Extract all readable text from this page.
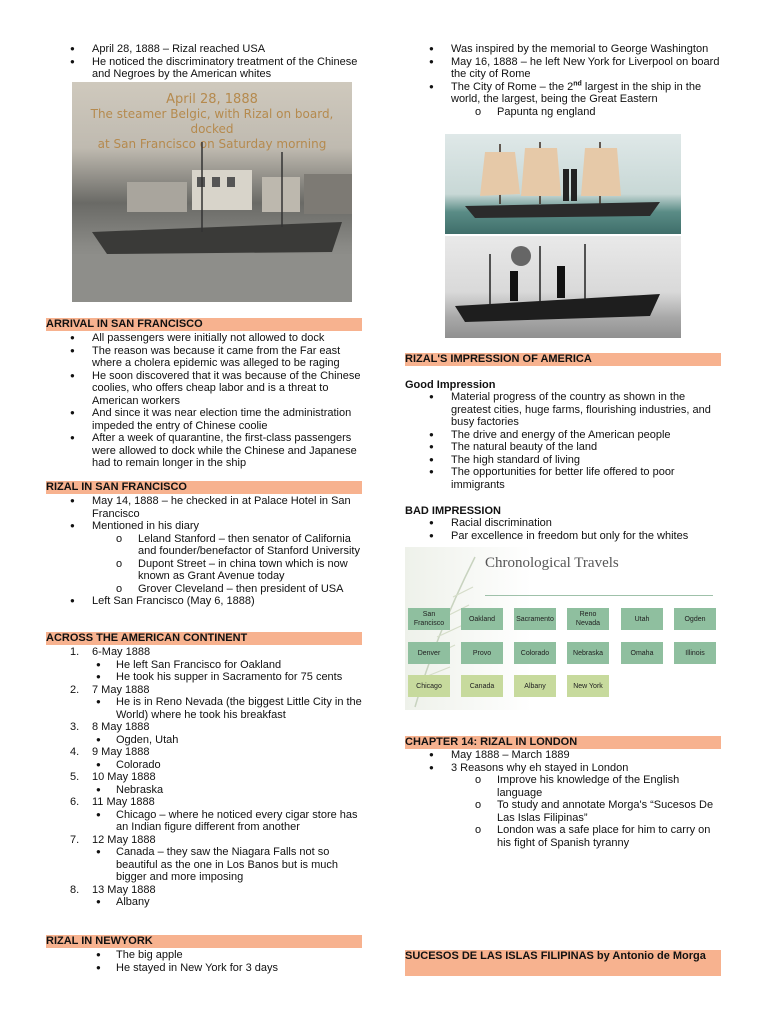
● April 28, 1888 – Rizal reached USA
● He noticed the discriminatory treatment of the Chinese and Negroes by the American whites
April 28, 1888
The steamer Belgic, with Rizal on board, docked
at San Francisco on Saturday morning
ARRIVAL IN SAN FRANCISCO
● All passengers were initially not allowed to dock
● The reason was because it came from the Far east where a cholera epidemic was alleged to be raging
● He soon discovered that it was because of the Chinese coolies, who offers cheap labor and is a threat to American workers
● And since it was near election time the administration impeded the entry of Chinese coolie
● After a week of quarantine, the first-class passengers were allowed to dock while the Chinese and Japanese had to remain longer in the ship
RIZAL IN SAN FRANCISCO
● May 14, 1888 – he checked in at Palace Hotel in San Francisco
● Mentioned in his diary
o Leland Stanford – then senator of California and founder/benefactor of Stanford University
o Dupont Street – in china town which is now known as Grant Avenue today
o Grover Cleveland – then president of USA
● Left San Francisco (May 6, 1888)
ACROSS THE AMERICAN CONTINENT
1. 6-May 1888
● He left San Francisco for Oakland
● He took his supper in Sacramento for 75 cents
2. 7 May 1888
● He is in Reno Nevada (the biggest Little City in the World) where he took his breakfast
3. 8 May 1888
● Ogden, Utah
4. 9 May 1888
● Colorado
5. 10 May 1888
● Nebraska
6. 11 May 1888
● Chicago – where he noticed every cigar store has an Indian figure different from another
7. 12 May 1888
● Canada – they saw the Niagara Falls not so beautiful as the one in Los Banos but is much bigger and more imposing
8. 13 May 1888
● Albany
RIZAL IN NEWYORK
● The big apple
● He stayed in New York for 3 days
● Was inspired by the memorial to George Washington
● May 16, 1888 – he left New York for Liverpool on board the city of Rome
● The City of Rome – the 2nd largest in the ship in the world, the largest, being the Great Eastern
o Papunta ng england
RIZAL'S IMPRESSION OF AMERICA
Good Impression
● Material progress of the country as shown in the greatest cities, huge farms, flourishing industries, and busy factories
● The drive and energy of the American people
● The natural beauty of the land
● The high standard of living
● The opportunities for better life offered to poor immigrants
BAD IMPRESSION
● Racial discrimination
● Par excellence in freedom but only for the whites
Chronological Travels
San Francisco
Oakland	Sacramento
Reno Nevada
Utah	Ogden
Denver	Provo	Colorado	Nebraska	Omaha	Illinois
Chicago	Canada	Albany	New York
CHAPTER 14: RIZAL IN LONDON
● May 1888 – March 1889
● 3 Reasons why eh stayed in London
o Improve his knowledge of the English language
o To study and annotate Morga's “Sucesos De Las Islas Filipinas”
o London was a safe place for him to carry on his fight of Spanish tyranny
SUCESOS DE LAS ISLAS FILIPINAS by Antonio de Morga
